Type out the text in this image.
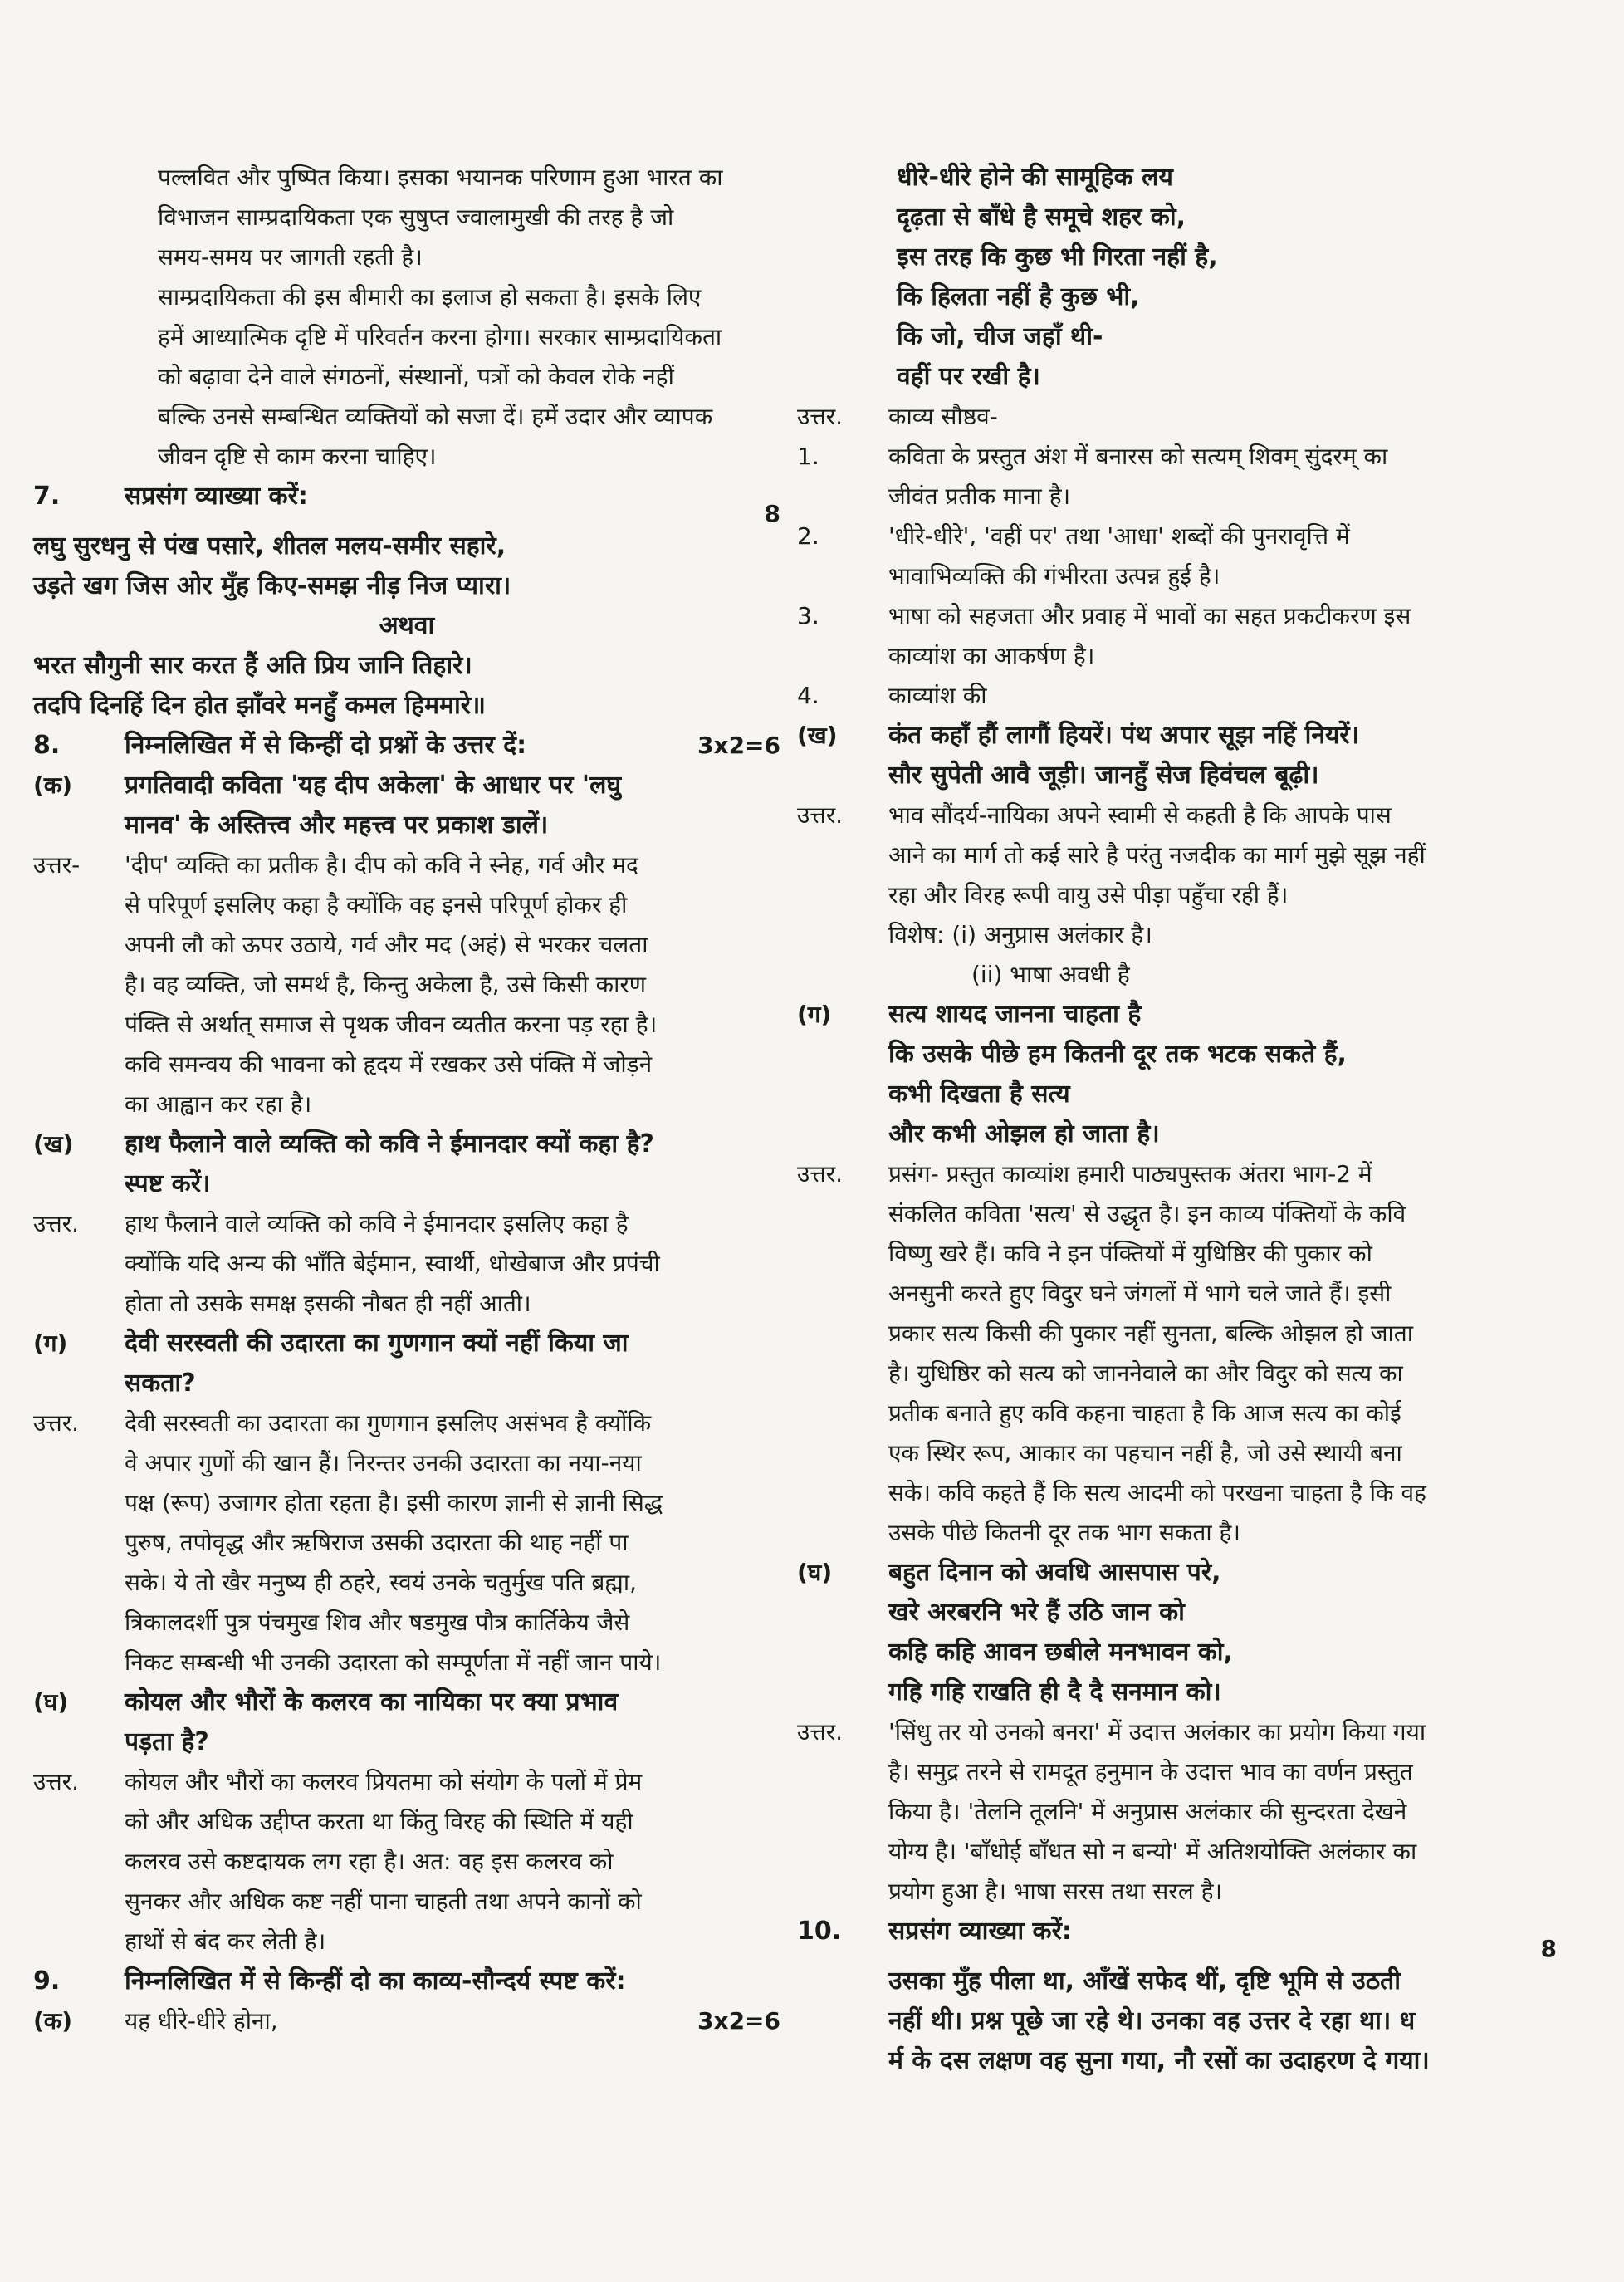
पल्लवित और पुष्पित किया। इसका भयानक परिणाम हुआ भारत का
विभाजन साम्प्रदायिकता एक सुषुप्त ज्वालामुखी की तरह है जो
समय-समय पर जागती रहती है।
साम्प्रदायिकता की इस बीमारी का इलाज हो सकता है। इसके लिए
हमें आध्यात्मिक दृष्टि में परिवर्तन करना होगा। सरकार साम्प्रदायिकता
को बढ़ावा देने वाले संगठनों, संस्थानों, पत्रों को केवल रोके नहीं
बल्कि उनसे सम्बन्धित व्यक्तियों को सजा दें। हमें उदार और व्यापक
जीवन दृष्टि से काम करना चाहिए।
7.	सप्रसंग व्याख्या करें:
8
लघु सुरधनु से पंख पसारे, शीतल मलय-समीर सहारे,
उड़ते खग जिस ओर मुँह किए-समझ नीड़ निज प्यारा।
अथवा
भरत सौगुनी सार करत हैं अति प्रिय जानि तिहारे।
तदपि दिनहिं दिन होत झाँवरे मनहुँ कमल हिममारे॥
8.	निम्नलिखित में से किन्हीं दो प्रश्नों के उत्तर दें:	3x2=6
(क)	प्रगतिवादी कविता 'यह दीप अकेला' के आधार पर 'लघु
मानव' के अस्तित्त्व और महत्त्व पर प्रकाश डालें।
उत्तर-	'दीप' व्यक्ति का प्रतीक है। दीप को कवि ने स्नेह, गर्व और मद
से परिपूर्ण इसलिए कहा है क्योंकि वह इनसे परिपूर्ण होकर ही
अपनी लौ को ऊपर उठाये, गर्व और मद (अहं) से भरकर चलता
है। वह व्यक्ति, जो समर्थ है, किन्तु अकेला है, उसे किसी कारण
पंक्ति से अर्थात् समाज से पृथक जीवन व्यतीत करना पड़ रहा है।
कवि समन्वय की भावना को हृदय में रखकर उसे पंक्ति में जोड़ने
का आह्वान कर रहा है।
(ख)	हाथ फैलाने वाले व्यक्ति को कवि ने ईमानदार क्यों कहा है?
स्पष्ट करें।
उत्तर.	हाथ फैलाने वाले व्यक्ति को कवि ने ईमानदार इसलिए कहा है
क्योंकि यदि अन्य की भाँति बेईमान, स्वार्थी, धोखेबाज और प्रपंची
होता तो उसके समक्ष इसकी नौबत ही नहीं आती।
(ग)	देवी सरस्वती की उदारता का गुणगान क्यों नहीं किया जा
सकता?
उत्तर.	देवी सरस्वती का उदारता का गुणगान इसलिए असंभव है क्योंकि
वे अपार गुणों की खान हैं। निरन्तर उनकी उदारता का नया-नया
पक्ष (रूप) उजागर होता रहता है। इसी कारण ज्ञानी से ज्ञानी सिद्ध
पुरुष, तपोवृद्ध और ऋषिराज उसकी उदारता की थाह नहीं पा
सके। ये तो खैर मनुष्य ही ठहरे, स्वयं उनके चतुर्मुख पति ब्रह्मा,
त्रिकालदर्शी पुत्र पंचमुख शिव और षडमुख पौत्र कार्तिकेय जैसे
निकट सम्बन्धी भी उनकी उदारता को सम्पूर्णता में नहीं जान पाये।
(घ)	कोयल और भौरों के कलरव का नायिका पर क्या प्रभाव
पड़ता है?
उत्तर.	कोयल और भौरों का कलरव प्रियतमा को संयोग के पलों में प्रेम
को और अधिक उद्दीप्त करता था किंतु विरह की स्थिति में यही
कलरव उसे कष्टदायक लग रहा है। अत: वह इस कलरव को
सुनकर और अधिक कष्ट नहीं पाना चाहती तथा अपने कानों को
हाथों से बंद कर लेती है।
9.	निम्नलिखित में से किन्हीं दो का काव्य-सौन्दर्य स्पष्ट करें:
(क)	यह धीरे-धीरे होना,	3x2=6
धीरे-धीरे होने की सामूहिक लय
दृढ़ता से बाँधे है समूचे शहर को,
इस तरह कि कुछ भी गिरता नहीं है,
कि हिलता नहीं है कुछ भी,
कि जो, चीज जहाँ थी-
वहीं पर रखी है।
उत्तर.	काव्य सौष्ठव-
1.	कविता के प्रस्तुत अंश में बनारस को सत्यम् शिवम् सुंदरम् का
जीवंत प्रतीक माना है।
2.	'धीरे-धीरे', 'वहीं पर' तथा 'आधा' शब्दों की पुनरावृत्ति में
भावाभिव्यक्ति की गंभीरता उत्पन्न हुई है।
3.	भाषा को सहजता और प्रवाह में भावों का सहत प्रकटीकरण इस
काव्यांश का आकर्षण है।
4.	काव्यांश की
(ख)	कंत कहाँ हौं लागौं हियरें। पंथ अपार सूझ नहिं नियरें।
सौर सुपेती आवै जूड़ी। जानहुँ सेज हिवंचल बूढ़ी।
उत्तर.	भाव सौंदर्य-नायिका अपने स्वामी से कहती है कि आपके पास
आने का मार्ग तो कई सारे है परंतु नजदीक का मार्ग मुझे सूझ नहीं
रहा और विरह रूपी वायु उसे पीड़ा पहुँचा रही हैं।
विशेष: (i) अनुप्रास अलंकार है।
(ii) भाषा अवधी है
(ग)	सत्य शायद जानना चाहता है
कि उसके पीछे हम कितनी दूर तक भटक सकते हैं,
कभी दिखता है सत्य
और कभी ओझल हो जाता है।
उत्तर.	प्रसंग- प्रस्तुत काव्यांश हमारी पाठ्यपुस्तक अंतरा भाग-2 में
संकलित कविता 'सत्य' से उद्धृत है। इन काव्य पंक्तियों के कवि
विष्णु खरे हैं। कवि ने इन पंक्तियों में युधिष्ठिर की पुकार को
अनसुनी करते हुए विदुर घने जंगलों में भागे चले जाते हैं। इसी
प्रकार सत्य किसी की पुकार नहीं सुनता, बल्कि ओझल हो जाता
है। युधिष्ठिर को सत्य को जाननेवाले का और विदुर को सत्य का
प्रतीक बनाते हुए कवि कहना चाहता है कि आज सत्य का कोई
एक स्थिर रूप, आकार का पहचान नहीं है, जो उसे स्थायी बना
सके। कवि कहते हैं कि सत्य आदमी को परखना चाहता है कि वह
उसके पीछे कितनी दूर तक भाग सकता है।
(घ)	बहुत दिनान को अवधि आसपास परे,
खरे अरबरनि भरे हैं उठि जान को
कहि कहि आवन छबीले मनभावन को,
गहि गहि राखति ही दै दै सनमान को।
उत्तर.	'सिंधु तर यो उनको बनरा' में उदात्त अलंकार का प्रयोग किया गया
है। समुद्र तरने से रामदूत हनुमान के उदात्त भाव का वर्णन प्रस्तुत
किया है। 'तेलनि तूलनि' में अनुप्रास अलंकार की सुन्दरता देखने
योग्य है। 'बाँधोई बाँधत सो न बन्यो' में अतिशयोक्ति अलंकार का
प्रयोग हुआ है। भाषा सरस तथा सरल है।
10.	सप्रसंग व्याख्या करें:
8
उसका मुँह पीला था, आँखें सफेद थीं, दृष्टि भूमि से उठती
नहीं थी। प्रश्न पूछे जा रहे थे। उनका वह उत्तर दे रहा था। ध
र्म के दस लक्षण वह सुना गया, नौ रसों का उदाहरण दे गया।
